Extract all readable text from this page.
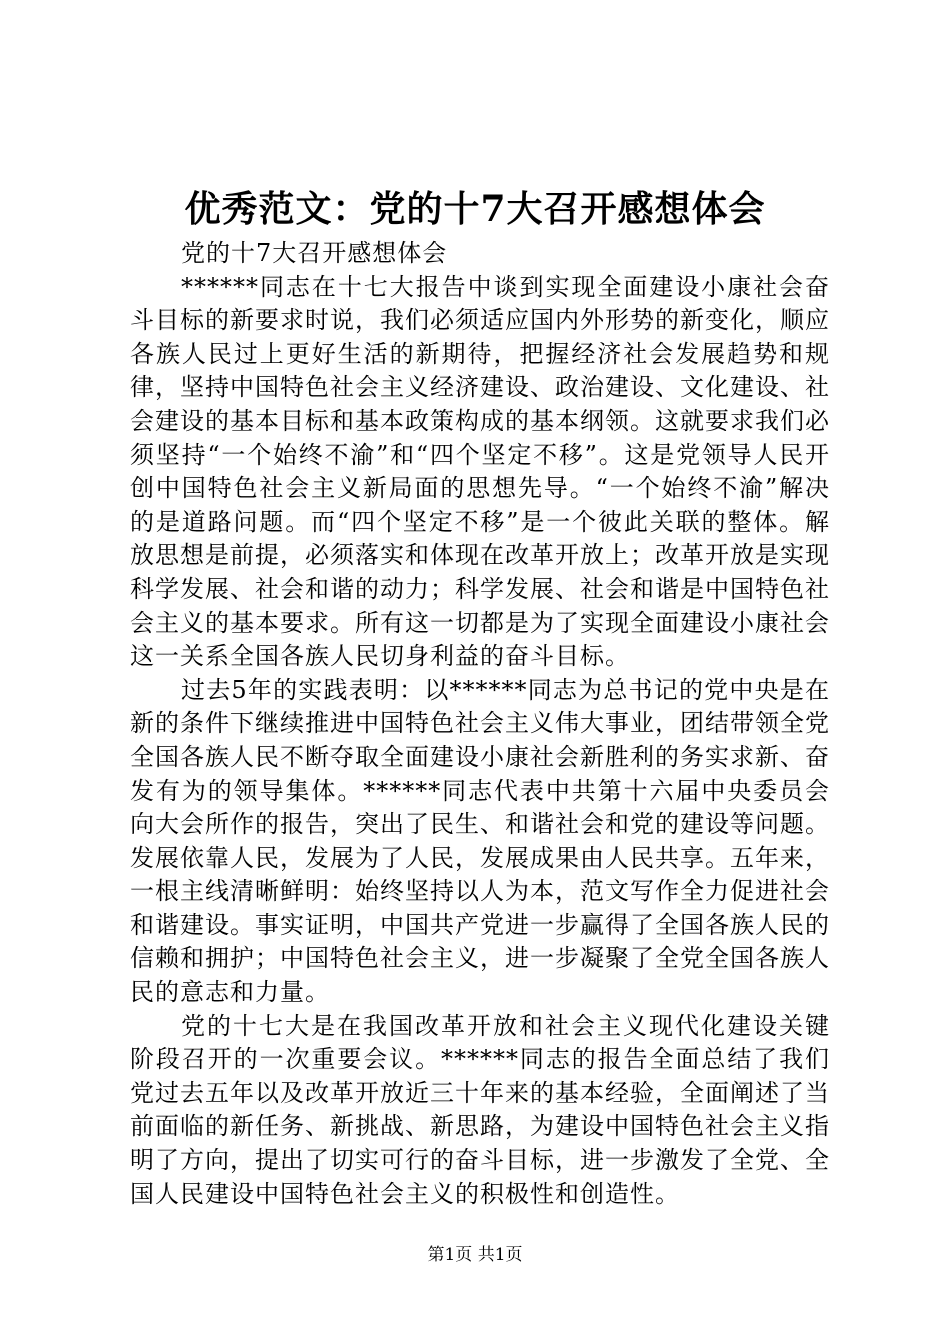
优秀范文：党的十7大召开感想体会

党的十7大召开感想体会

******同志在十七大报告中谈到实现全面建设小康社会奋斗目标的新要求时说，我们必须适应国内外形势的新变化，顺应各族人民过上更好生活的新期待，把握经济社会发展趋势和规律，坚持中国特色社会主义经济建设、政治建设、文化建设、社会建设的基本目标和基本政策构成的基本纲领。这就要求我们必须坚持“一个始终不渝”和“四个坚定不移”。这是党领导人民开创中国特色社会主义新局面的思想先导。“一个始终不渝”解决的是道路问题。而“四个坚定不移”是一个彼此关联的整体。解放思想是前提，必须落实和体现在改革开放上；改革开放是实现科学发展、社会和谐的动力；科学发展、社会和谐是中国特色社会主义的基本要求。所有这一切都是为了实现全面建设小康社会这一关系全国各族人民切身利益的奋斗目标。

过去5年的实践表明：以******同志为总书记的党中央是在新的条件下继续推进中国特色社会主义伟大事业，团结带领全党全国各族人民不断夺取全面建设小康社会新胜利的务实求新、奋发有为的领导集体。******同志代表中共第十六届中央委员会向大会所作的报告，突出了民生、和谐社会和党的建设等问题。发展依靠人民，发展为了人民，发展成果由人民共享。五年来，一根主线清晰鲜明：始终坚持以人为本，范文写作全力促进社会和谐建设。事实证明，中国共产党进一步赢得了全国各族人民的信赖和拥护；中国特色社会主义，进一步凝聚了全党全国各族人民的意志和力量。

党的十七大是在我国改革开放和社会主义现代化建设关键阶段召开的一次重要会议。******同志的报告全面总结了我们党过去五年以及改革开放近三十年来的基本经验，全面阐述了当前面临的新任务、新挑战、新思路，为建设中国特色社会主义指明了方向，提出了切实可行的奋斗目标，进一步激发了全党、全国人民建设中国特色社会主义的积极性和创造性。

第1页 共1页
